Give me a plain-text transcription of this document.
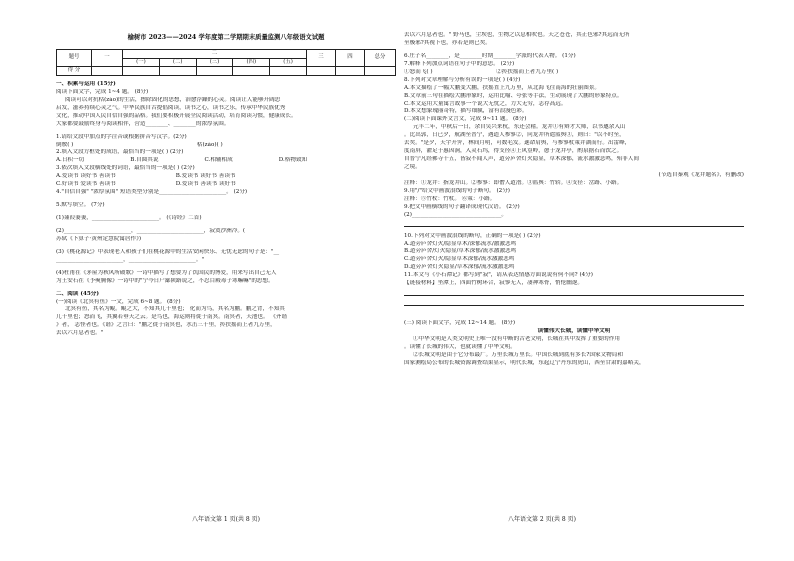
榆树市 2023——2024 学年度第二学期期末质量监测八年级语文试题
题号	一	二					三	四	总分
		(一)	(二)	(三)	(四)	(五)			
得 分									

一、积累与运用 (15分)

阅读下面文字，完成 1~4 题。 (8分)

阅读可以对抗枯(zào)的生活，擦除固化的思想，治愈浮躁的心灵。阅读让人能够开阔思

启发，滋养持续心灵之气。中华民族自古提倡阅读，读书之心，读书之乐，传承中华民族优秀

文化，推动中国人民自信自强的品格。我们要积极开展全民阅读活动，培育阅读习惯，健康成长。

大家都要鼓励终身与阅读相伴，营造________、________的浓厚氛围。

1.请给文段中加点的字注音或根据拼音写汉字。(2分)

倒敷( )	枯(zào)( )

2.填入文段方框处的成语，最恰当的一项是( ) (2分)

A.日积一切	B.自圆其说	C.相辅相成	D.格物致知

3.依次填入文段横线处的词语，最恰当的一项是( ) (2分)

A.爱读书 读好书 善读书	B.爱读书 读好书 善读书

C.好读书 爱读书 善读书	D.爱读书 善读书 读好书

4."自信自强" "浓厚氛围" 短语类型分别是________________________。 (2分)

5.默写填空。 (7分)

(1)蒹葭萋萋，________________________。 (《诗经》二首)

(2)________________________，________________________，寂寞沙洲冷。(

苏轼《卜算子·黄州定慧院寓居作》)

(3)《桃花源记》中表现老人和孩子们在桃花源中的生活安闲快乐、无忧无虑的句子是："__

________________________，________________________。"

(4)杜甫在《茅屋为秋风所破歌》一诗中描写了想要为了饥国民的博爱，用来写出自己无人

为王安石在《予奭腾像》一诗中的"宁今日尸鄙陕路说之，不忍目殿毒子寒嘛嘛"的思想。

二、阅读 (45分)

(一)阅读《北冥有鱼》一文，完成 6~8 题。 (8分)

北冥有鱼，其名为鲲。鲲之大，不知其几千里也； 化而为鸟，其名为鹏。鹏之背，不知其

几千里也；怒而飞，其翼若垂天之云。是鸟也，海运则将徙于南冥。南冥者，天池也。 《齐谐

》者， 志怪者也。《谐》之言曰："鹏之徙于南冥也，水击三千里，抟扶摇而上者九万里，

去以六月息者也。"

八年语文第 1 页(共 8 页)

去以六月息者也。" 野马也，尘埃也，生物之以息相吹也。天之苍苍，其正色邪?其远而无所

至极邪?其视下也，亦若是则已矣。

6.庄子名________，是________时期________学派的代表人物。 (1分)

7.解释下列加点词语在句子中的意思。 (2分)

①怒而飞( )	②抟扶摇而上者九万里( )

8.下列对文章理解与分析有误的一项是( ) (4分)

A.本文描绘了一幅大鹏变大鹏，扶摇直上九万里，从北海飞往南海的壮丽图景。

B.文章前三句在描绘大鹏形象时，运用比喻、夸张等手法，生动展现了大鹏的形象特点。

C.本文运用大量寓言故事一个说大无忧之，力大无穷，志存高远。

D.本文想象瑰丽奇特，描写细腻，富有浪漫色彩。

(二)阅读下面课外文言文，完成 9~11 题。 (8分)

元丰二年，中秋后一日，余自吴兴来杭，东还会稽。龙井①有辩才大师，以书邀余入山

。比出郭，日已夕，航湖至普宁，遇道人参寥②，问龙井所遣篮舆③，则曰："以不时至，

去矣。"是夕，天宇开霁，林间月明，可数毛发。遂命肩舆，与参寥杖策并湖而行。出雷峰，

度南屏，濯足于惠因涧，入灵石坞，得支径④上风篁岭，憩于龙井亭，酌泉据石而饮之。

自普宁凡经佛寺十五，皆寂不闻人声，道旁庐舍灯火隐显，草木深郁，流水激激悲鸣，殆非人间

之境。

(节选自秦观《龙井题名》，有删改)

注释：①龙井：指龙井山。②参寥：即僧人道潜。③篮舆：竹轿。④支径：岔路、小路。

9.用"/"给文中画波浪线的句子断句。 (2分)

注释：⑤竹杖：竹杖。 ⑥策：小路。

9.把文中画横线的句子翻译成现代汉语。 (2分)

(2)________________________________。

10.下列对文中画波浪线的断句，正确的一项是( ) (2分)

A.道旁庐舍灯火/隐显草木/深郁流水/激激悲鸣

B.道旁庐舍/灯火隐显/草木深郁/流水激激悲鸣

C.道旁庐舍灯火/隐显草木深郁/流水激激悲鸣

D.道旁庐舍灯火隐显/草木深郁/流水激激悲鸣

11.本文与《小石潭记》都写到"寂"，请从表达情感方面说说有何不同? (4分)

【链接材料】坐潭上，四面竹树环合，寂寥无人，凄神寒骨，悄怆幽邃。

(三) 阅读下面文字，完成 12~14 题。 (8分)

读懂伟大长城，读懂中华文明

①中华文明是人类文明史上唯一没有中断的古老文明，长城在其中发挥了重要的作用

。读懂了长城的伟大，也就读懂了中华文明。

②长城文明是由于它分布最广。万里长城万里长。中国长城到底有多长?国家文物局和

国家测绘局公布的长城资源调查结果显示，明代长城，东起辽宁丹东的虎山，西至甘肃的嘉峪关，

八年语文第 2 页(共 8 页)
